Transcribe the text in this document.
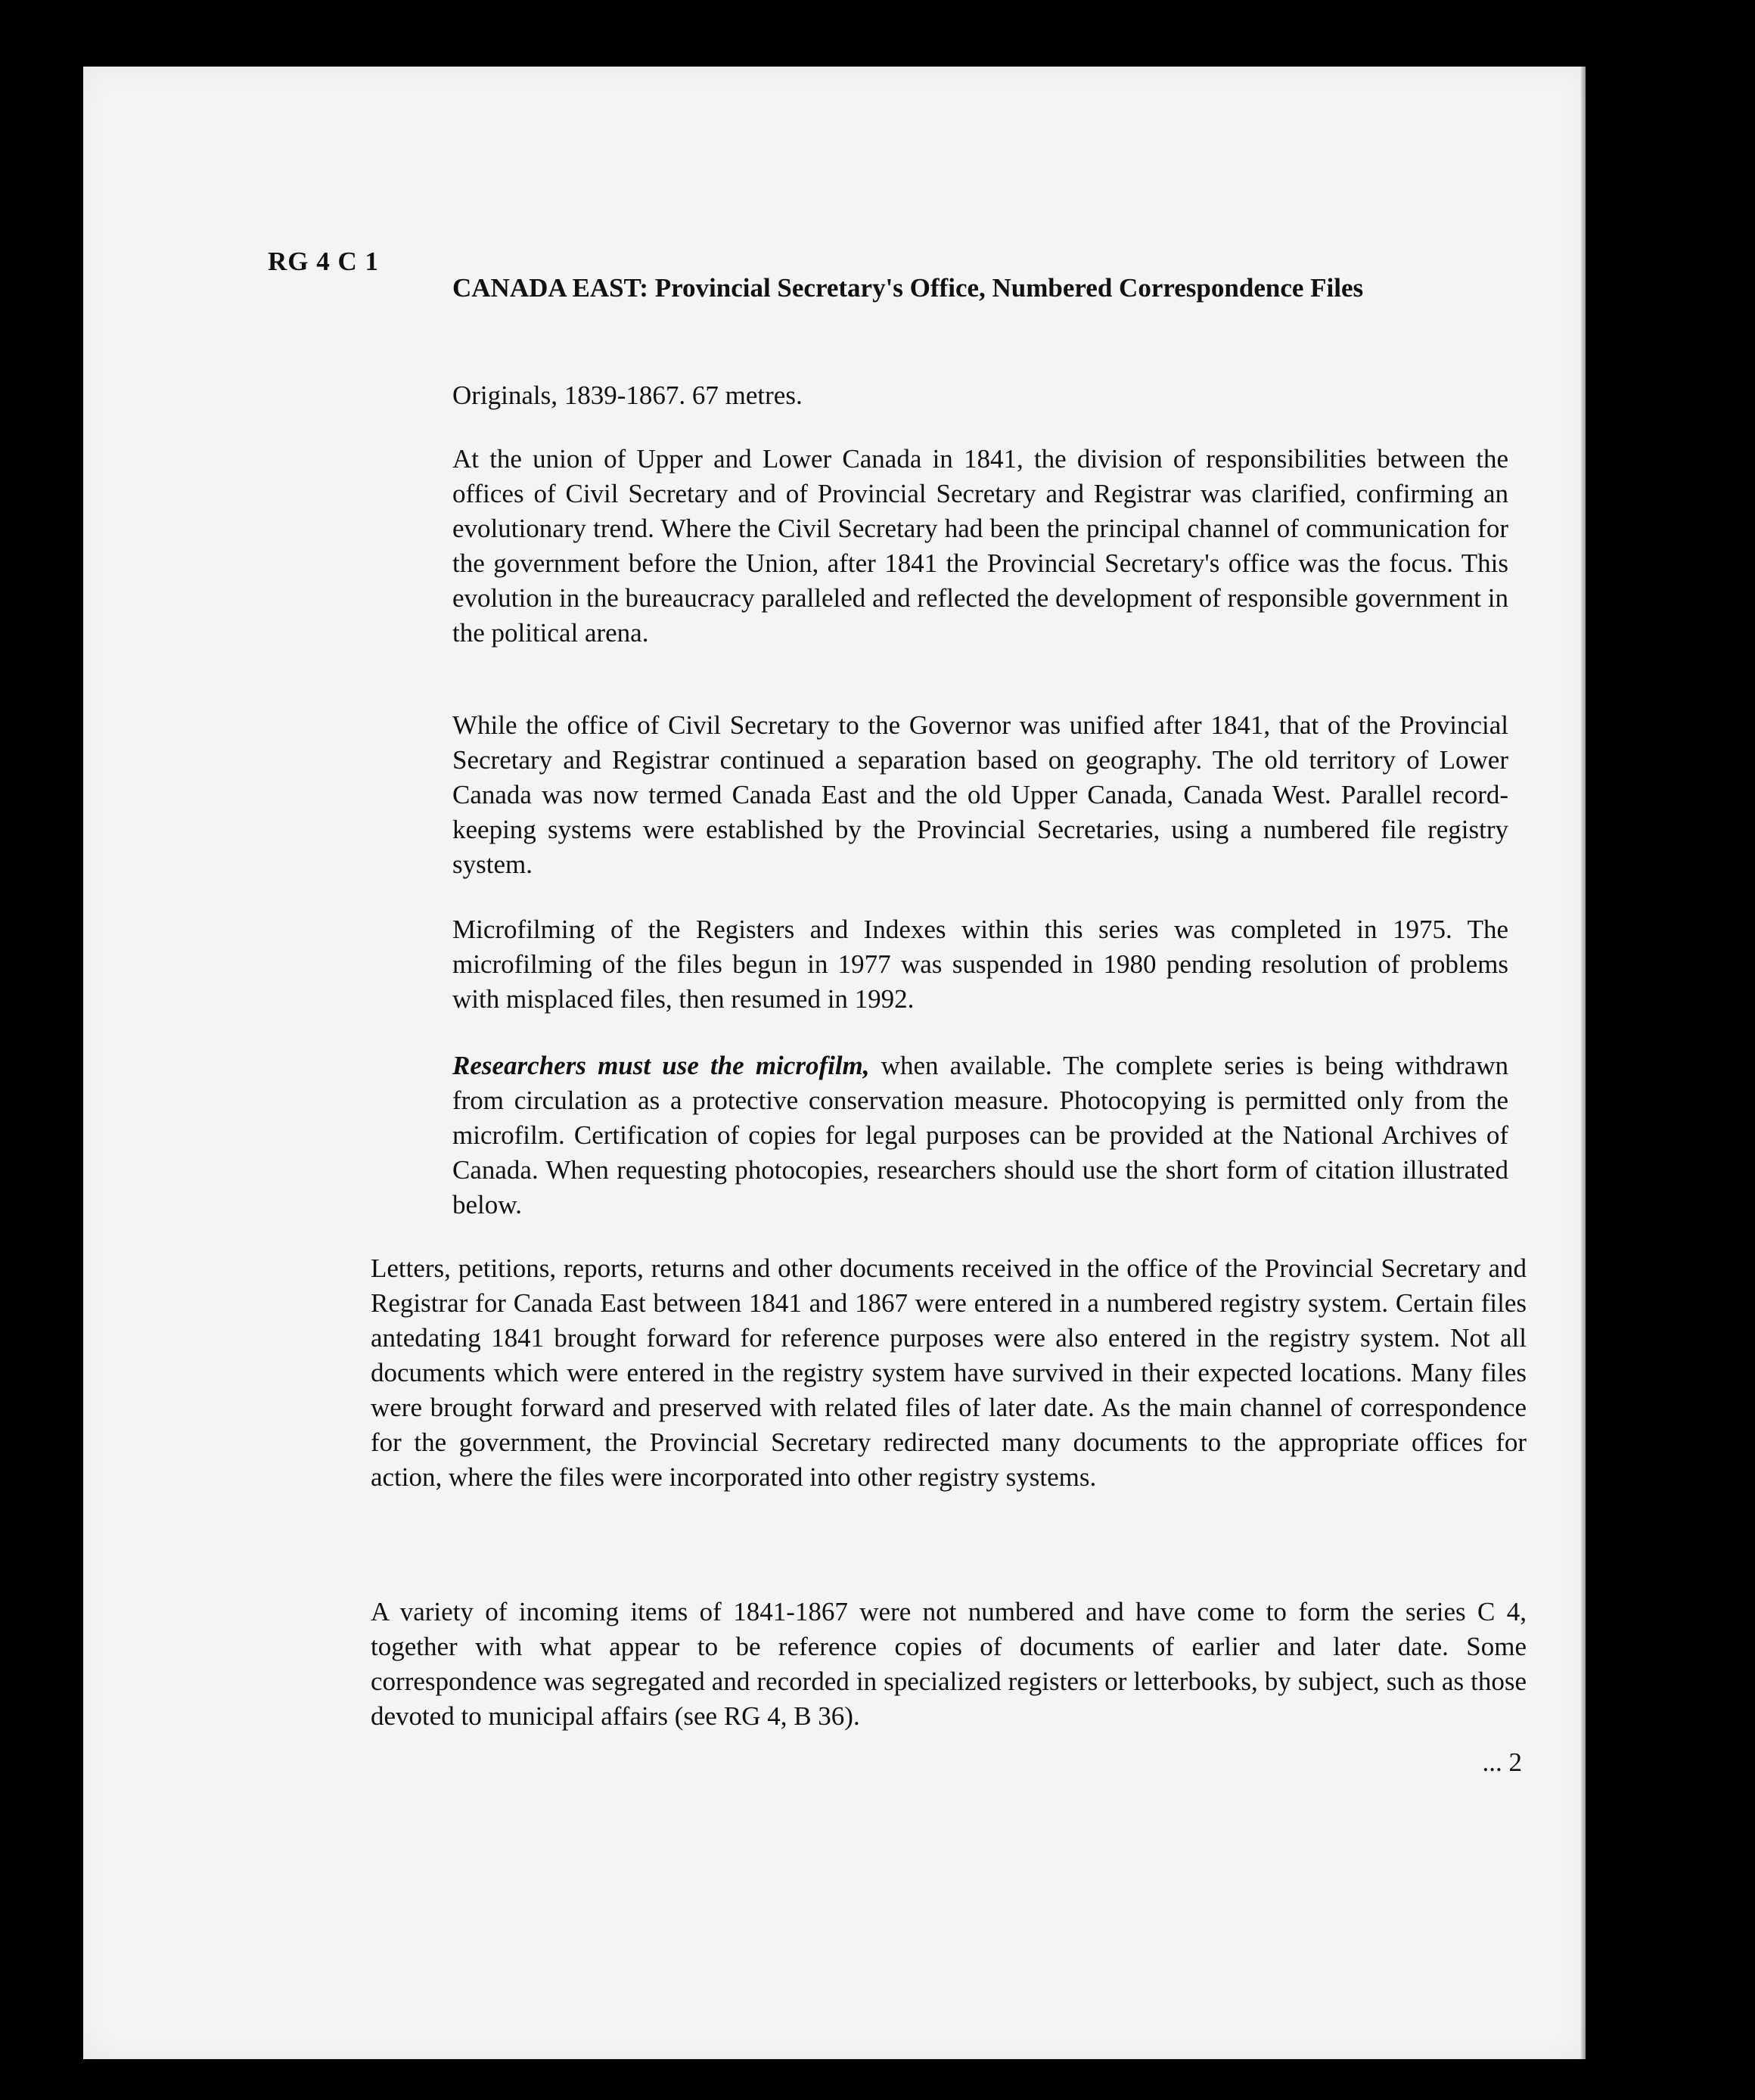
RG 4 C 1

CANADA EAST: Provincial Secretary's Office, Numbered Correspondence Files

Originals, 1839-1867. 67 metres.

At the union of Upper and Lower Canada in 1841, the division of responsibilities between the offices of Civil Secretary and of Provincial Secretary and Registrar was clarified, confirming an evolutionary trend. Where the Civil Secretary had been the principal channel of communication for the government before the Union, after 1841 the Provincial Secretary's office was the focus. This evolution in the bureaucracy paralleled and reflected the development of responsible government in the political arena.

While the office of Civil Secretary to the Governor was unified after 1841, that of the Provincial Secretary and Registrar continued a separation based on geography. The old territory of Lower Canada was now termed Canada East and the old Upper Canada, Canada West. Parallel record-keeping systems were established by the Provincial Secretaries, using a numbered file registry system.

Microfilming of the Registers and Indexes within this series was completed in 1975. The microfilming of the files begun in 1977 was suspended in 1980 pending resolution of problems with misplaced files, then resumed in 1992.

Researchers must use the microfilm, when available. The complete series is being withdrawn from circulation as a protective conservation measure. Photocopying is permitted only from the microfilm. Certification of copies for legal purposes can be provided at the National Archives of Canada. When requesting photocopies, researchers should use the short form of citation illustrated below.

Letters, petitions, reports, returns and other documents received in the office of the Provincial Secretary and Registrar for Canada East between 1841 and 1867 were entered in a numbered registry system. Certain files antedating 1841 brought forward for reference purposes were also entered in the registry system. Not all documents which were entered in the registry system have survived in their expected locations. Many files were brought forward and preserved with related files of later date. As the main channel of correspondence for the government, the Provincial Secretary redirected many documents to the appropriate offices for action, where the files were incorporated into other registry systems.

A variety of incoming items of 1841-1867 were not numbered and have come to form the series C 4, together with what appear to be reference copies of documents of earlier and later date. Some correspondence was segregated and recorded in specialized registers or letterbooks, by subject, such as those devoted to municipal affairs (see RG 4, B 36).

... 2
